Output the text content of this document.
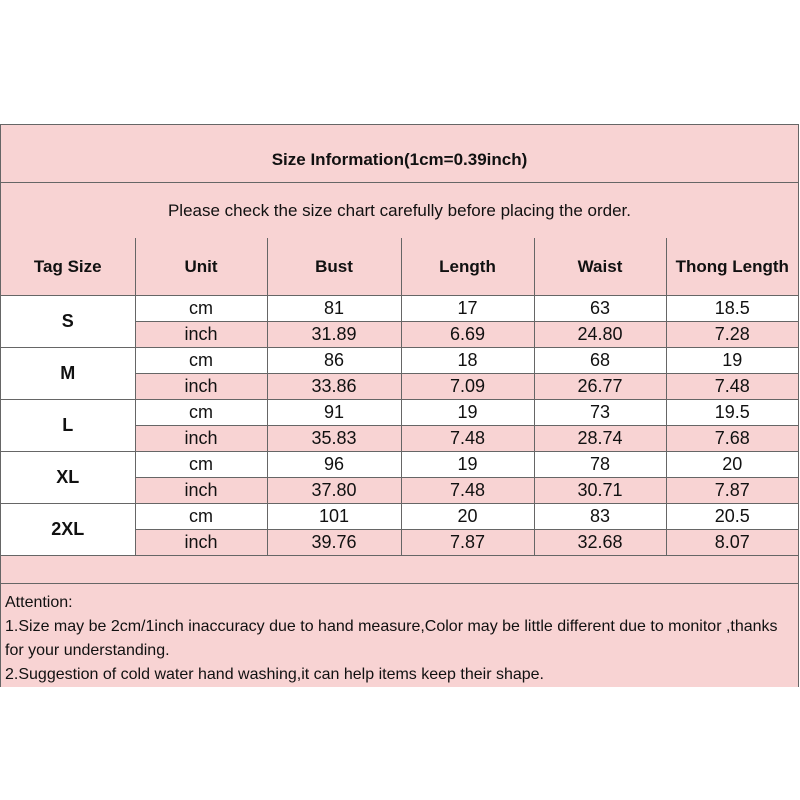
Size Information(1cm=0.39inch)
Please check the size chart carefully before placing the order.
Tag Size	Unit	Bust	Length	Waist	Thong Length
S	cm	81	17	63	18.5
	inch	31.89	6.69	24.80	7.28
M	cm	86	18	68	19
	inch	33.86	7.09	26.77	7.48
L	cm	91	19	73	19.5
	inch	35.83	7.48	28.74	7.68
XL	cm	96	19	78	20
	inch	37.80	7.48	30.71	7.87
2XL	cm	101	20	83	20.5
	inch	39.76	7.87	32.68	8.07

Attention:

1.Size may be 2cm/1inch inaccuracy due to hand measure,Color may be little different due to monitor ,thanks for your understanding.

2.Suggestion of cold water hand washing,it can help items keep their shape.
